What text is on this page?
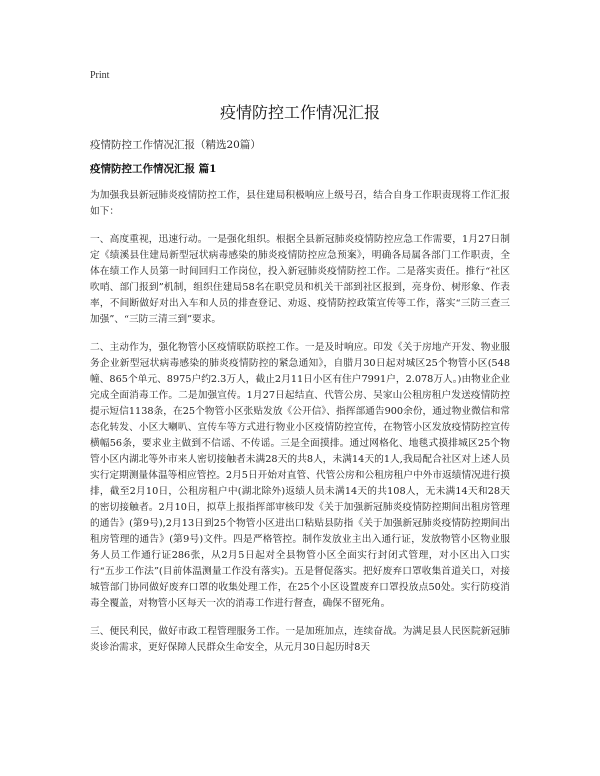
Print
疫情防控工作情况汇报

疫情防控工作情况汇报（精选20篇）

疫情防控工作情况汇报 篇1

为加强我县新冠肺炎疫情防控工作，县住建局积极响应上级号召，结合自身工作职责现将工作汇报如下：

一、高度重视，迅速行动。一是强化组织。根据全县新冠肺炎疫情防控应急工作需要，1月27日制定《绩溪县住建局新型冠状病毒感染的肺炎疫情防控应急预案》，明确各局属各部门工作职责，全体在绩工作人员第一时间回归工作岗位，投入新冠肺炎疫情防控工作。二是落实责任。推行“社区吹哨、部门报到”机制，组织住建局58名在职党员和机关干部到社区报到，亮身份、树形象、作表率，不间断做好对出入车和人员的排查登记、劝返、疫情防控政策宣传等工作，落实“三防三查三加强”、“三防三清三到”要求。

二、主动作为，强化物管小区疫情联防联控工作。一是及时响应。印发《关于房地产开发、物业服务企业新型冠状病毒感染的肺炎疫情防控的紧急通知》，自腊月30日起对城区25个物管小区(548幢、865个单元、8975户约2.3万人，截止2月11日小区有住户7991户，2.078万人。)由物业企业完成全面消毒工作。二是加强宣传。1月27日起结直、代管公房、吴家山公租房租户发送疫情防控提示短信1138条，在25个物管小区张贴发放《公开信》、指挥部通告900余份，通过物业微信和常态化转发、小区大喇叭、宣传车等方式进行物业小区疫情防控宣传，在物管小区发放疫情防控宣传横幅56条，要求业主做到不信谣、不传谣。三是全面摸排。通过网格化、地毯式摸排城区25个物管小区内湖北等外市来人密切接触者未满28天的共8人，未满14天的1人,我局配合社区对上述人员实行定期测量体温等相应管控。2月5日开始对直管、代管公房和公租房租户中外市返绩情况进行摸排，截至2月10日，公租房租户中(湖北除外)返绩人员未满14天的共108人，无未满14天和28天的密切接触者。2月10日，拟草上报指挥部审核印发《关于加强新冠肺炎疫情防控期间出租房管理的通告》(第9号),2月13日到25个物管小区进出口粘贴县防指《关于加强新冠肺炎疫情防控期间出租房管理的通告》(第9号)文件。四是严格管控。制作发放业主出入通行证，发放物管小区物业服务人员工作通行证286张，从2月5日起对全县物管小区全面实行封闭式管理，对小区出入口实行“五步工作法”(目前体温测量工作没有落实)。五是督促落实。把好废弃口罩收集首道关口，对接城管部门协同做好废弃口罩的收集处理工作，在25个小区设置废弃口罩投放点50处。实行防疫消毒全覆盖，对物管小区每天一次的消毒工作进行督查，确保不留死角。

三、便民利民，做好市政工程管理服务工作。一是加班加点，连续奋战。为满足县人民医院新冠肺炎诊治需求，更好保障人民群众生命安全，从元月30日起历时8天
